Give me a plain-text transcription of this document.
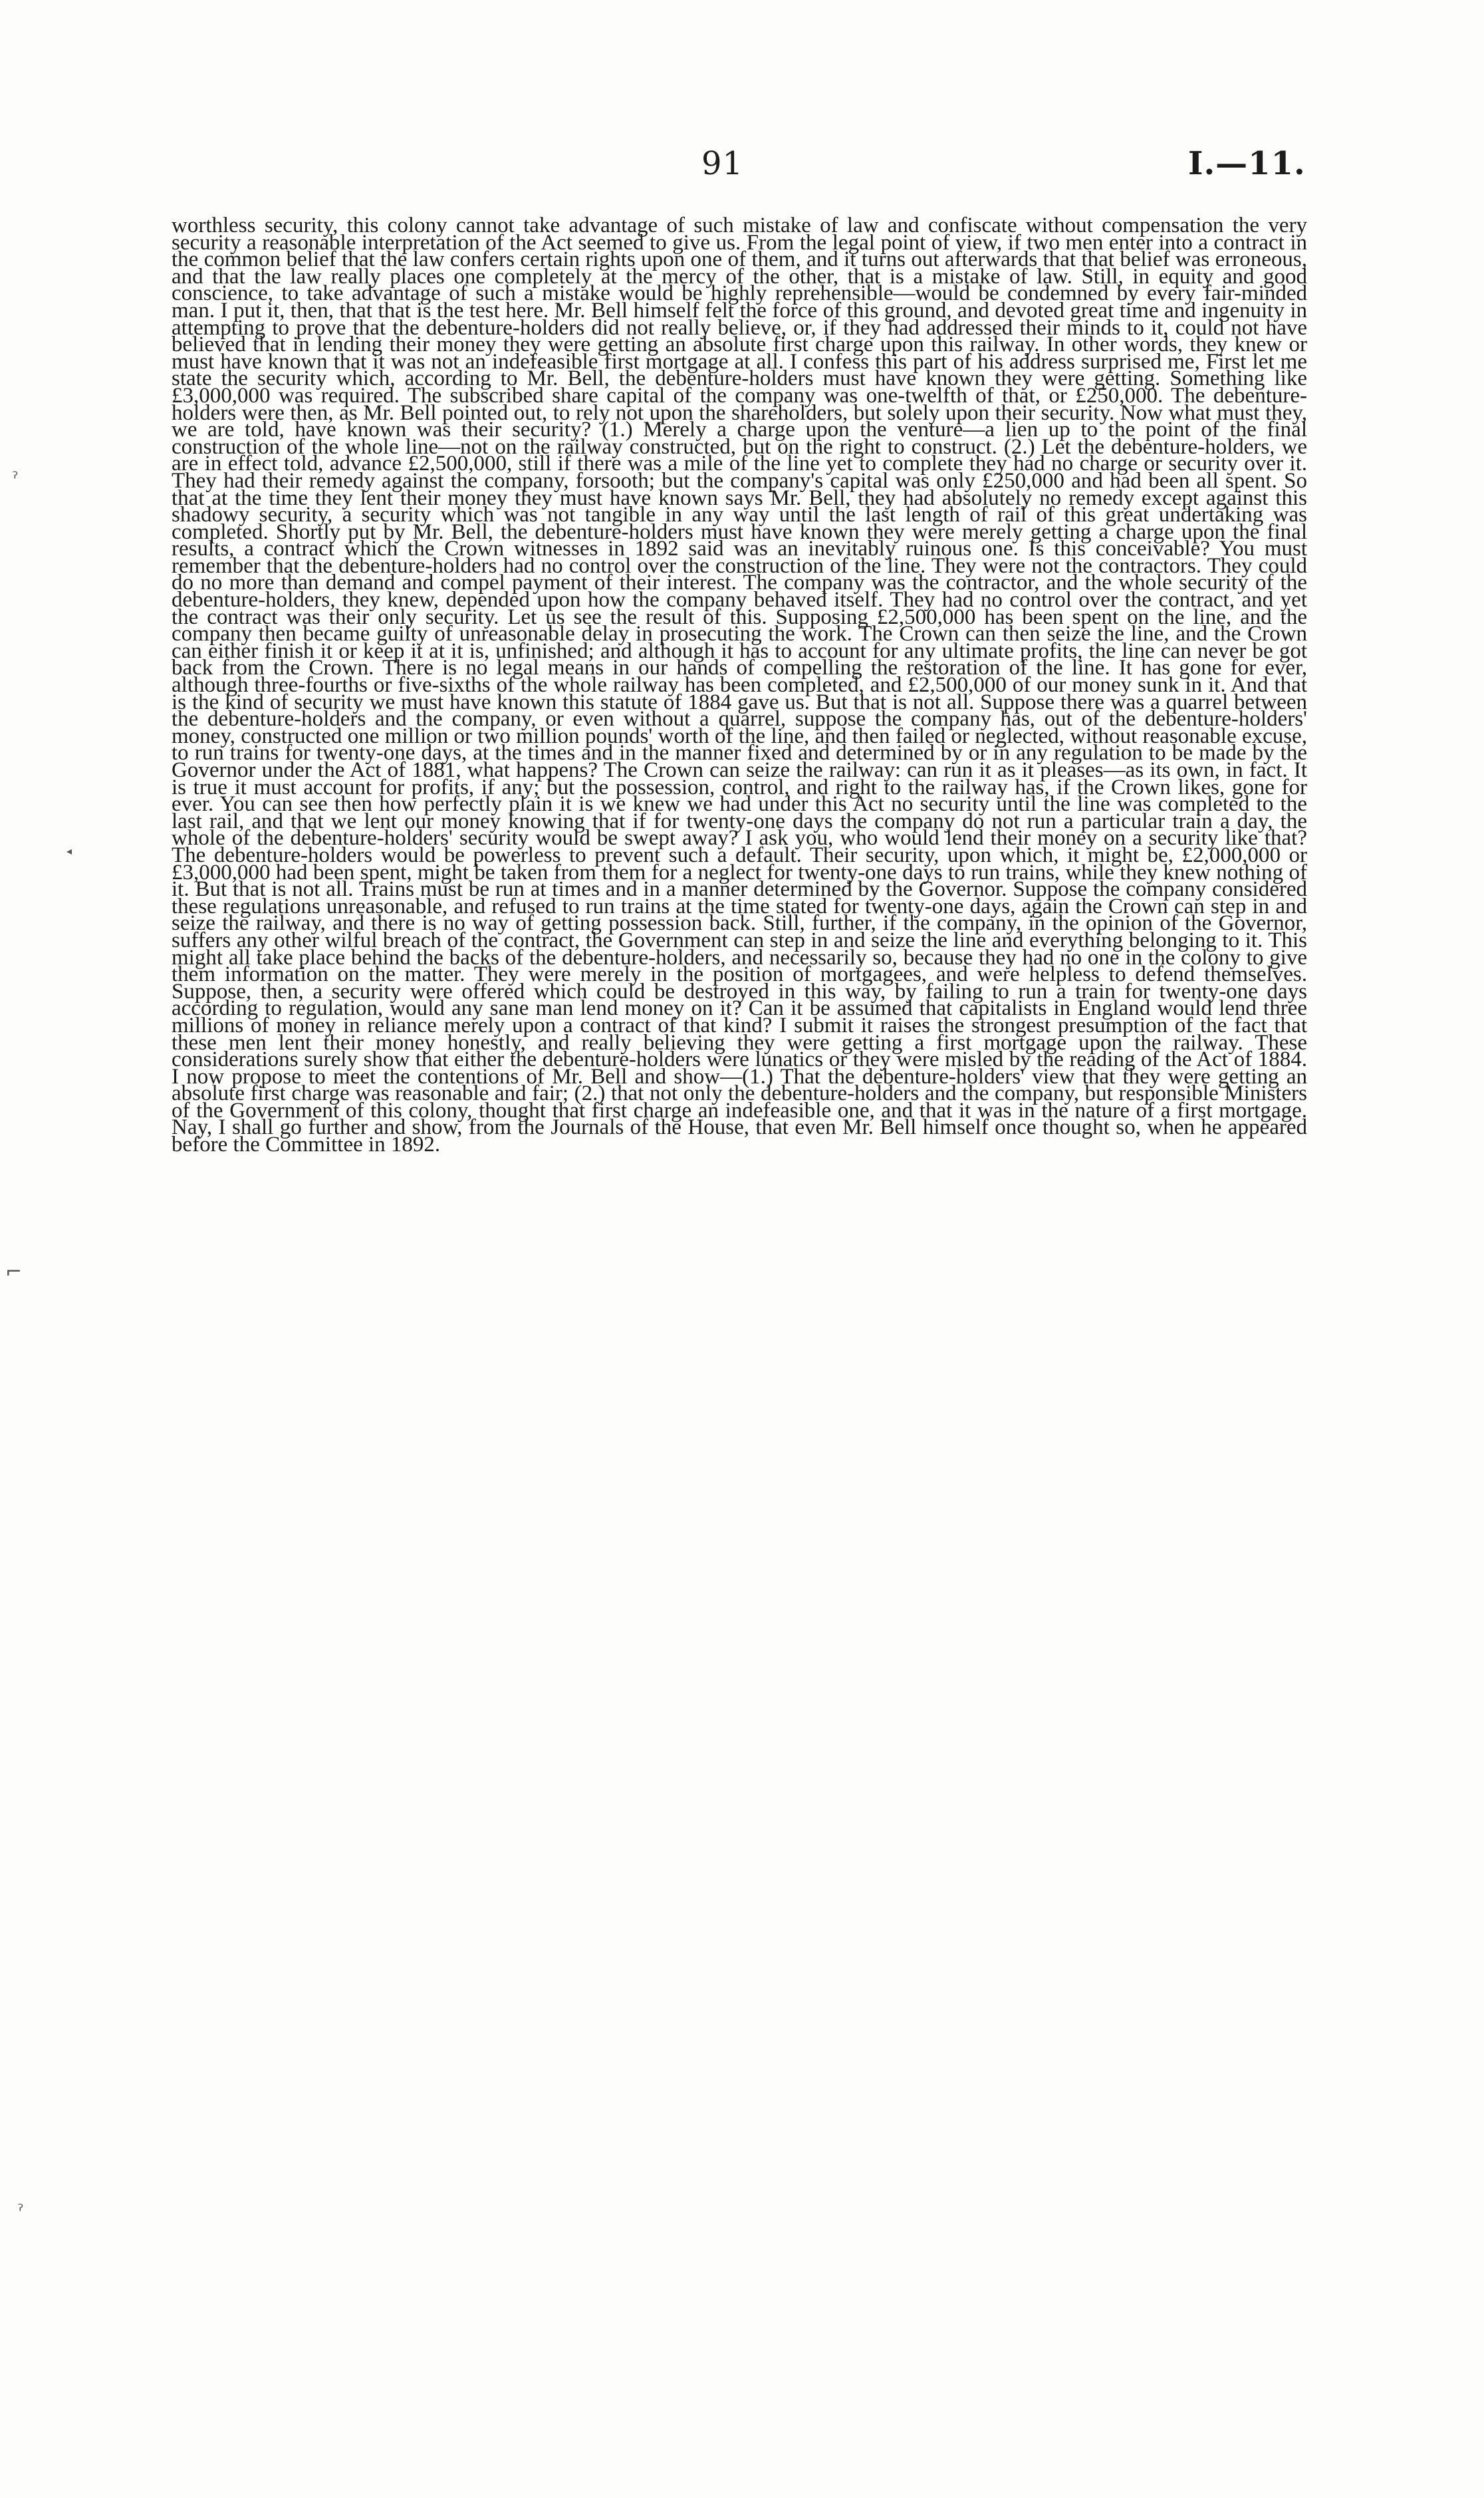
91	I.—11.

worthless security, this colony cannot take advantage of such mistake of law and confiscate without compensation the very security a reasonable interpretation of the Act seemed to give us. From the legal point of view, if two men enter into a contract in the common belief that the law confers certain rights upon one of them, and it turns out afterwards that that belief was erroneous, and that the law really places one completely at the mercy of the other, that is a mistake of law. Still, in equity and good conscience, to take advantage of such a mistake would be highly reprehensible—would be condemned by every fair-minded man. I put it, then, that that is the test here. Mr. Bell himself felt the force of this ground, and devoted great time and ingenuity in attempting to prove that the debenture-holders did not really believe, or, if they had addressed their minds to it, could not have believed that in lending their money they were getting an absolute first charge upon this railway. In other words, they knew or must have known that it was not an indefeasible first mortgage at all. I confess this part of his address surprised me, First let me state the security which, according to Mr. Bell, the debenture-holders must have known they were getting. Something like £3,000,000 was required. The subscribed share capital of the company was one-twelfth of that, or £250,000. The debenture-holders were then, as Mr. Bell pointed out, to rely not upon the shareholders, but solely upon their security. Now what must they, we are told, have known was their security? (1.) Merely a charge upon the venture—a lien up to the point of the final construction of the whole line—not on the railway constructed, but on the right to construct. (2.) Let the debenture-holders, we are in effect told, advance £2,500,000, still if there was a mile of the line yet to complete they had no charge or security over it. They had their remedy against the company, forsooth; but the company's capital was only £250,000 and had been all spent. So that at the time they lent their money they must have known says Mr. Bell, they had absolutely no remedy except against this shadowy security, a security which was not tangible in any way until the last length of rail of this great undertaking was completed. Shortly put by Mr. Bell, the debenture-holders must have known they were merely getting a charge upon the final results, a contract which the Crown witnesses in 1892 said was an inevitably ruinous one. Is this conceivable? You must remember that the debenture-holders had no control over the construction of the line. They were not the contractors. They could do no more than demand and compel payment of their interest. The company was the contractor, and the whole security of the debenture-holders, they knew, depended upon how the company behaved itself. They had no control over the contract, and yet the contract was their only security. Let us see the result of this. Supposing £2,500,000 has been spent on the line, and the company then became guilty of unreasonable delay in prosecuting the work. The Crown can then seize the line, and the Crown can either finish it or keep it at it is, unfinished; and although it has to account for any ultimate profits, the line can never be got back from the Crown. There is no legal means in our hands of compelling the restoration of the line. It has gone for ever, although three-fourths or five-sixths of the whole railway has been completed, and £2,500,000 of our money sunk in it. And that is the kind of security we must have known this statute of 1884 gave us. But that is not all. Suppose there was a quarrel between the debenture-holders and the company, or even without a quarrel, suppose the company has, out of the debenture-holders' money, constructed one million or two million pounds' worth of the line, and then failed or neglected, without reasonable excuse, to run trains for twenty-one days, at the times and in the manner fixed and determined by or in any regulation to be made by the Governor under the Act of 1881, what happens? The Crown can seize the railway: can run it as it pleases—as its own, in fact. It is true it must account for profits, if any; but the possession, control, and right to the railway has, if the Crown likes, gone for ever. You can see then how perfectly plain it is we knew we had under this Act no security until the line was completed to the last rail, and that we lent our money knowing that if for twenty-one days the company do not run a particular train a day, the whole of the debenture-holders' security would be swept away? I ask you, who would lend their money on a security like that? The debenture-holders would be powerless to prevent such a default. Their security, upon which, it might be, £2,000,000 or £3,000,000 had been spent, might be taken from them for a neglect for twenty-one days to run trains, while they knew nothing of it. But that is not all. Trains must be run at times and in a manner determined by the Governor. Suppose the company considered these regulations unreasonable, and refused to run trains at the time stated for twenty-one days, again the Crown can step in and seize the railway, and there is no way of getting possession back. Still, further, if the company, in the opinion of the Governor, suffers any other wilful breach of the contract, the Government can step in and seize the line and everything belonging to it. This might all take place behind the backs of the debenture-holders, and necessarily so, because they had no one in the colony to give them information on the matter. They were merely in the position of mortgagees, and were helpless to defend themselves. Suppose, then, a security were offered which could be destroyed in this way, by failing to run a train for twenty-one days according to regulation, would any sane man lend money on it? Can it be assumed that capitalists in England would lend three millions of money in reliance merely upon a contract of that kind? I submit it raises the strongest presumption of the fact that these men lent their money honestly, and really believing they were getting a first mortgage upon the railway. These considerations surely show that either the debenture-holders were lunatics or they were misled by the reading of the Act of 1884. I now propose to meet the contentions of Mr. Bell and show—(1.) That the debenture-holders' view that they were getting an absolute first charge was reasonable and fair; (2.) that not only the debenture-holders and the company, but responsible Ministers of the Government of this colony, thought that first charge an indefeasible one, and that it was in the nature of a first mortgage. Nay, I shall go further and show, from the Journals of the House, that even Mr. Bell himself once thought so, when he appeared before the Committee in 1892.

ˀ
◂
⌐
ˀ
